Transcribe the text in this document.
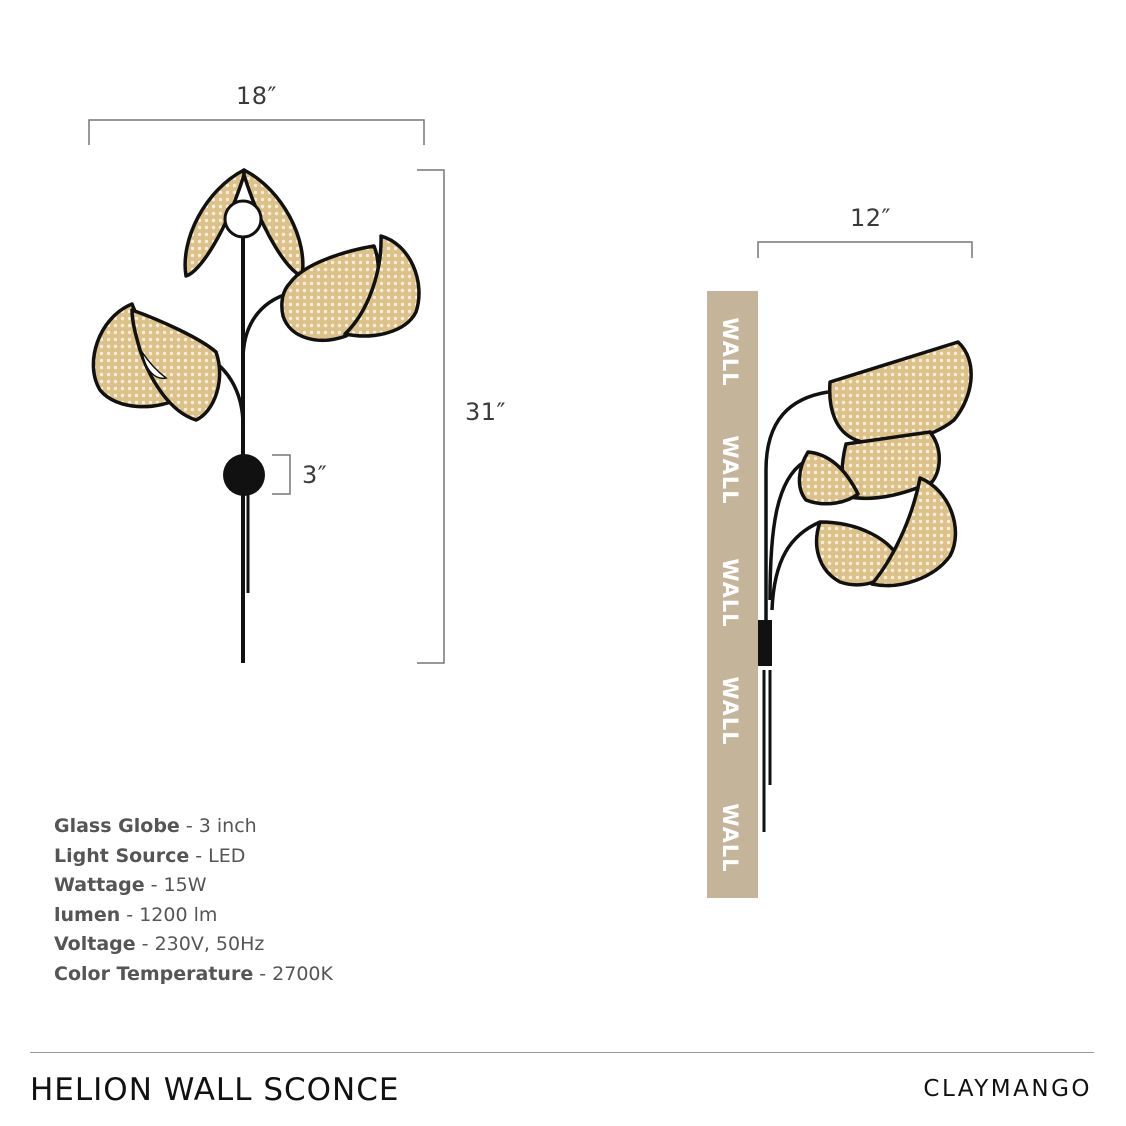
WALL
WALL
WALL
WALL
WALL
18″
31″
3″
12″
Glass Globe - 3 inch
Light Source - LED
Wattage - 15W
lumen - 1200 lm
Voltage - 230V, 50Hz
Color Temperature - 2700K
HELION WALL SCONCE	CLAYMANGO
